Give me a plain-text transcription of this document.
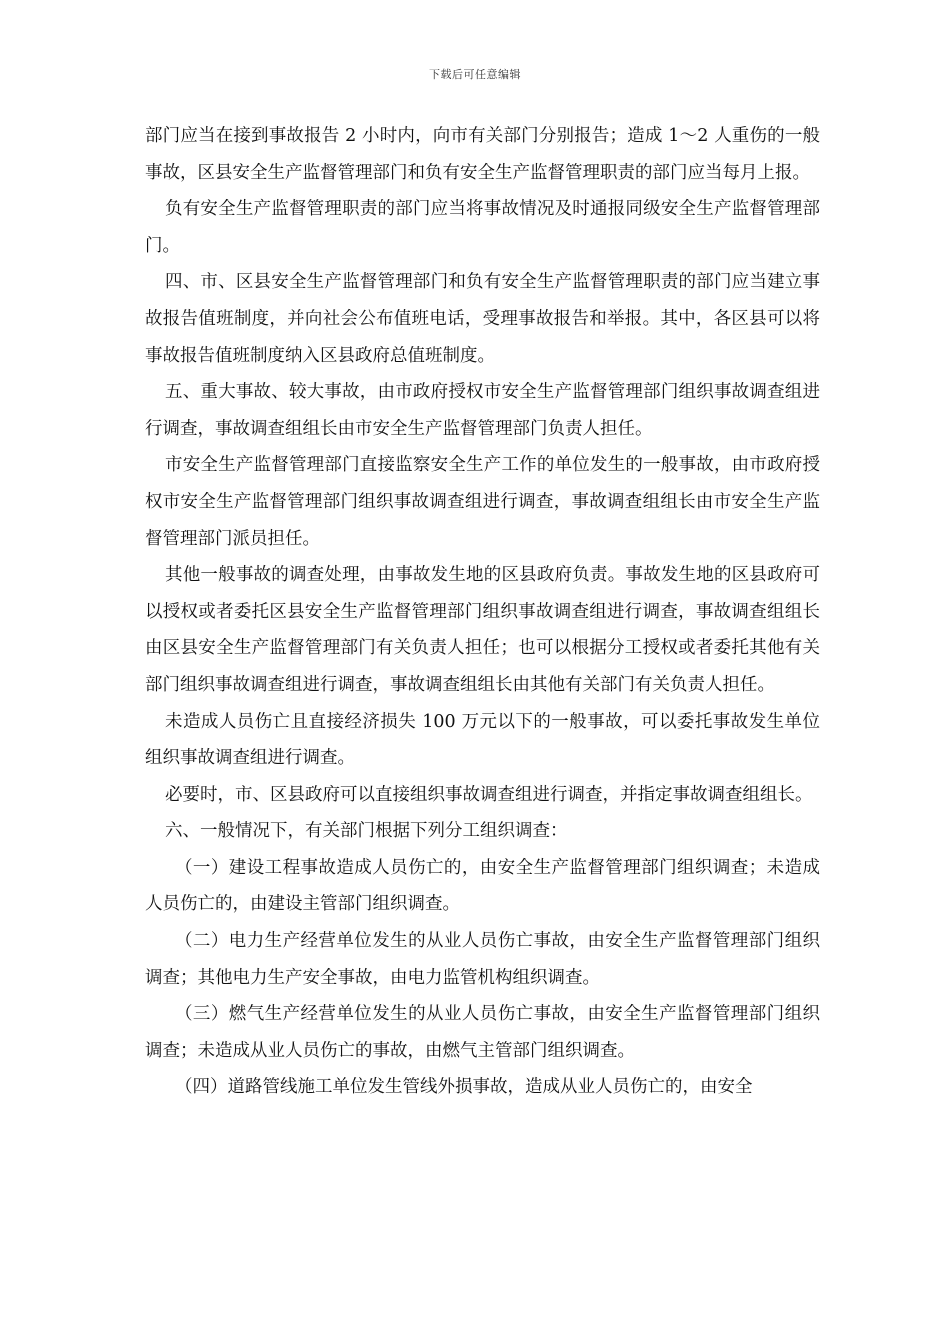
下载后可任意编辑

部门应当在接到事故报告 2 小时内，向市有关部门分别报告；造成 1～2 人重伤的一般事故，区县安全生产监督管理部门和负有安全生产监督管理职责的部门应当每月上报。

负有安全生产监督管理职责的部门应当将事故情况及时通报同级安全生产监督管理部门。

四、市、区县安全生产监督管理部门和负有安全生产监督管理职责的部门应当建立事故报告值班制度，并向社会公布值班电话，受理事故报告和举报。其中，各区县可以将事故报告值班制度纳入区县政府总值班制度。

五、重大事故、较大事故，由市政府授权市安全生产监督管理部门组织事故调查组进行调查，事故调查组组长由市安全生产监督管理部门负责人担任。

市安全生产监督管理部门直接监察安全生产工作的单位发生的一般事故，由市政府授权市安全生产监督管理部门组织事故调查组进行调查，事故调查组组长由市安全生产监督管理部门派员担任。

其他一般事故的调查处理，由事故发生地的区县政府负责。事故发生地的区县政府可以授权或者委托区县安全生产监督管理部门组织事故调查组进行调查，事故调查组组长由区县安全生产监督管理部门有关负责人担任；也可以根据分工授权或者委托其他有关部门组织事故调查组进行调查，事故调查组组长由其他有关部门有关负责人担任。

未造成人员伤亡且直接经济损失 100 万元以下的一般事故，可以委托事故发生单位组织事故调查组进行调查。

必要时，市、区县政府可以直接组织事故调查组进行调查，并指定事故调查组组长。

六、一般情况下，有关部门根据下列分工组织调查：

（一）建设工程事故造成人员伤亡的，由安全生产监督管理部门组织调查；未造成人员伤亡的，由建设主管部门组织调查。

（二）电力生产经营单位发生的从业人员伤亡事故，由安全生产监督管理部门组织调查；其他电力生产安全事故，由电力监管机构组织调查。

（三）燃气生产经营单位发生的从业人员伤亡事故，由安全生产监督管理部门组织调查；未造成从业人员伤亡的事故，由燃气主管部门组织调查。

（四）道路管线施工单位发生管线外损事故，造成从业人员伤亡的，由安全
